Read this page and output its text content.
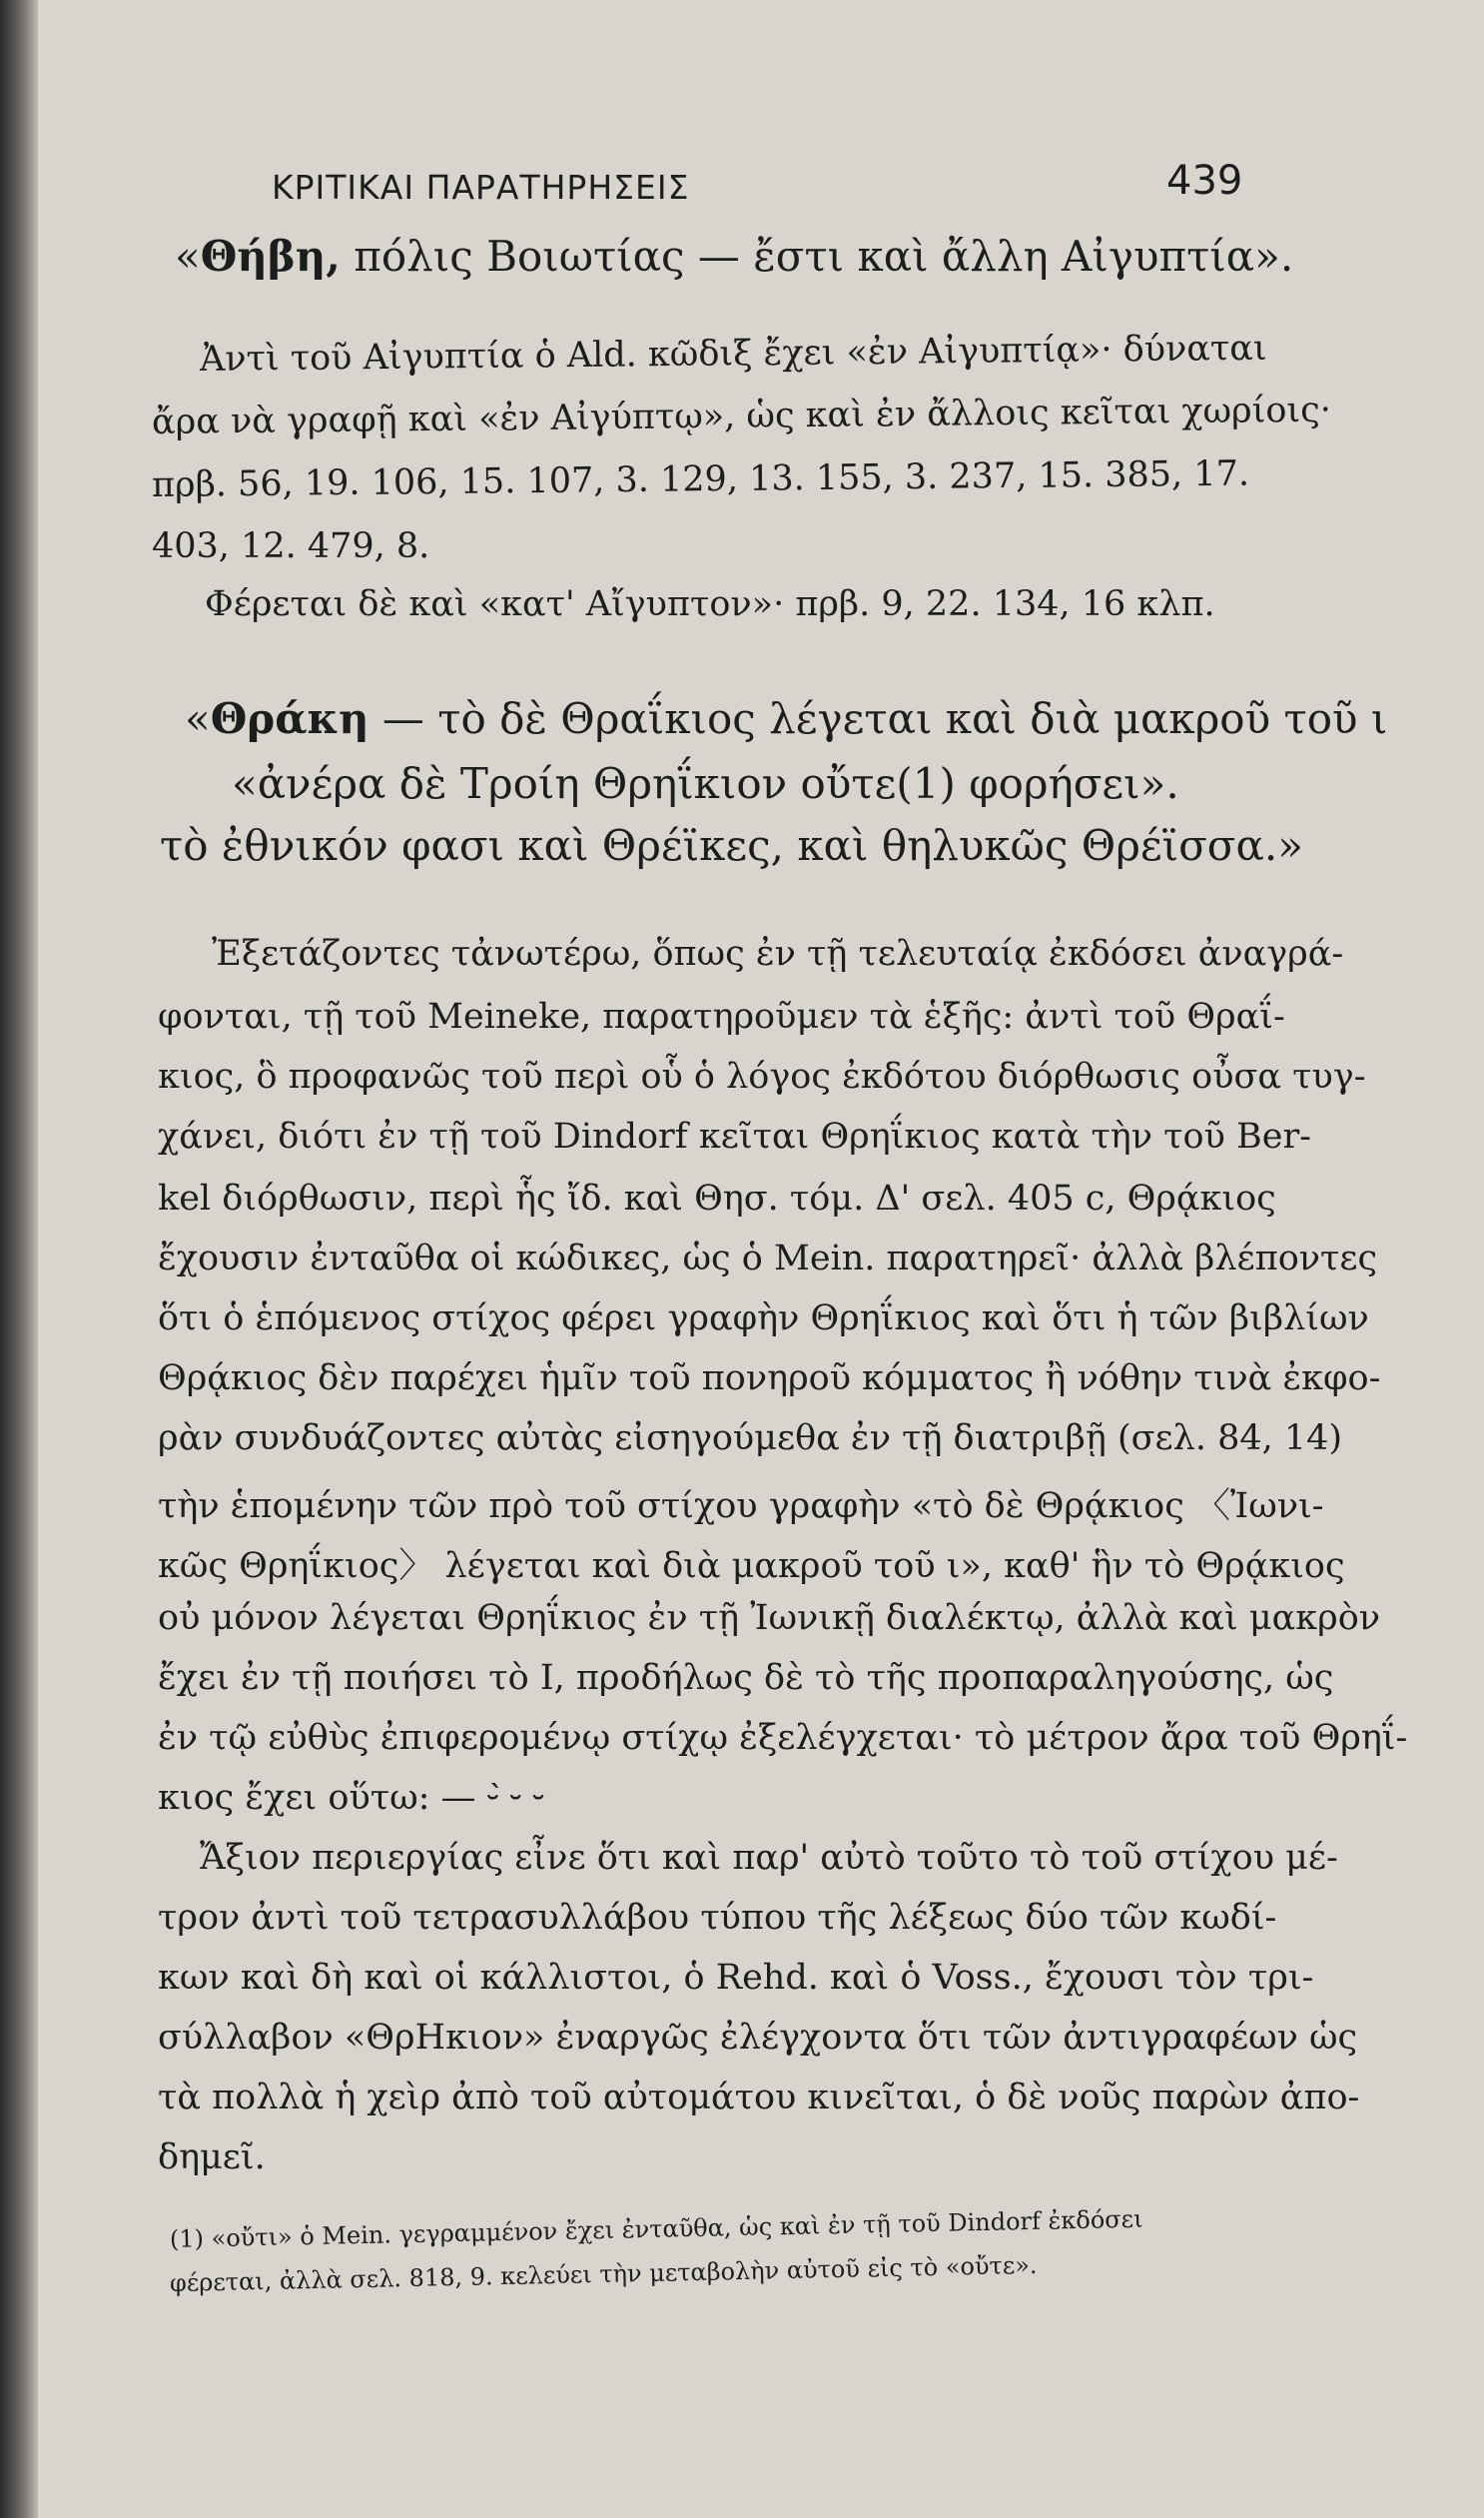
ΚΡΙΤΙΚΑΙ ΠΑΡΑΤΗΡΗΣΕΙΣ	439
«Θήβη, πόλις Βοιωτίας — ἔστι καὶ ἄλλη Αἰγυπτία».
Ἀντὶ τοῦ Αἰγυπτία ὁ Ald. κῶδιξ ἔχει «ἐν Αἰγυπτίᾳ»· δύναται
ἄρα νὰ γραφῇ καὶ «ἐν Αἰγύπτῳ», ὡς καὶ ἐν ἄλλοις κεῖται χωρίοις·
πρβ. 56, 19. 106, 15. 107, 3. 129, 13. 155, 3. 237, 15. 385, 17.
403, 12. 479, 8.
Φέρεται δὲ καὶ «κατ' Αἴγυπτον»· πρβ. 9, 22. 134, 16 κλπ.
«Θράκη — τὸ δὲ Θραΐκιος λέγεται καὶ διὰ μακροῦ τοῦ ι
«ἀνέρα δὲ Τροίη Θρηΐκιον οὔτε(1) φορήσει».
τὸ ἐθνικόν φασι καὶ Θρέϊκες, καὶ θηλυκῶς Θρέϊσσα.»
Ἐξετάζοντες τἀνωτέρω, ὅπως ἐν τῇ τελευταίᾳ ἐκδόσει ἀναγρά-
φονται, τῇ τοῦ Meineke, παρατηροῦμεν τὰ ἑξῆς: ἀντὶ τοῦ Θραΐ-
κιος, ὃ προφανῶς τοῦ περὶ οὗ ὁ λόγος ἐκδότου διόρθωσις οὖσα τυγ-
χάνει, διότι ἐν τῇ τοῦ Dindorf κεῖται Θρηΐκιος κατὰ τὴν τοῦ Ber-
kel διόρθωσιν, περὶ ἧς ἴδ. καὶ Θησ. τόμ. Δ' σελ. 405 c, Θρᾴκιος
ἔχουσιν ἐνταῦθα οἱ κώδικες, ὡς ὁ Mein. παρατηρεῖ· ἀλλὰ βλέποντες
ὅτι ὁ ἑπόμενος στίχος φέρει γραφὴν Θρηΐκιος καὶ ὅτι ἡ τῶν βιβλίων
Θρᾴκιος δὲν παρέχει ἡμῖν τοῦ πονηροῦ κόμματος ἢ νόθην τινὰ ἐκφο-
ρὰν συνδυάζοντες αὐτὰς εἰσηγούμεθα ἐν τῇ διατριβῇ (σελ. 84, 14)
τὴν ἑπομένην τῶν πρὸ τοῦ στίχου γραφὴν «τὸ δὲ Θρᾴκιος 〈Ἰωνι-
κῶς Θρηΐκιος〉 λέγεται καὶ διὰ μακροῦ τοῦ ι», καθ' ἣν τὸ Θρᾴκιος
οὐ μόνον λέγεται Θρηΐκιος ἐν τῇ Ἰωνικῇ διαλέκτῳ, ἀλλὰ καὶ μακρὸν
ἔχει ἐν τῇ ποιήσει τὸ Ι, προδήλως δὲ τὸ τῆς προπαραληγούσης, ὡς
ἐν τῷ εὐθὺς ἐπιφερομένῳ στίχῳ ἐξελέγχεται· τὸ μέτρον ἄρα τοῦ Θρηΐ-
κιος ἔχει οὕτω: — ⏑́ ⏑ ⏑
Ἄξιον περιεργίας εἶνε ὅτι καὶ παρ' αὐτὸ τοῦτο τὸ τοῦ στίχου μέ-
τρον ἀντὶ τοῦ τετρασυλλάβου τύπου τῆς λέξεως δύο τῶν κωδί-
κων καὶ δὴ καὶ οἱ κάλλιστοι, ὁ Rehd. καὶ ὁ Voss., ἔχουσι τὸν τρι-
σύλλαβον «ΘρΗκιον» ἐναργῶς ἐλέγχοντα ὅτι τῶν ἀντιγραφέων ὡς
τὰ πολλὰ ἡ χεὶρ ἀπὸ τοῦ αὐτομάτου κινεῖται, ὁ δὲ νοῦς παρὼν ἀπο-
δημεῖ.
(1) «οὔτι» ὁ Mein. γεγραμμένον ἔχει ἐνταῦθα, ὡς καὶ ἐν τῇ τοῦ Dindorf ἐκδόσει
φέρεται, ἀλλὰ σελ. 818, 9. κελεύει τὴν μεταβολὴν αὐτοῦ εἰς τὸ «οὔτε».
